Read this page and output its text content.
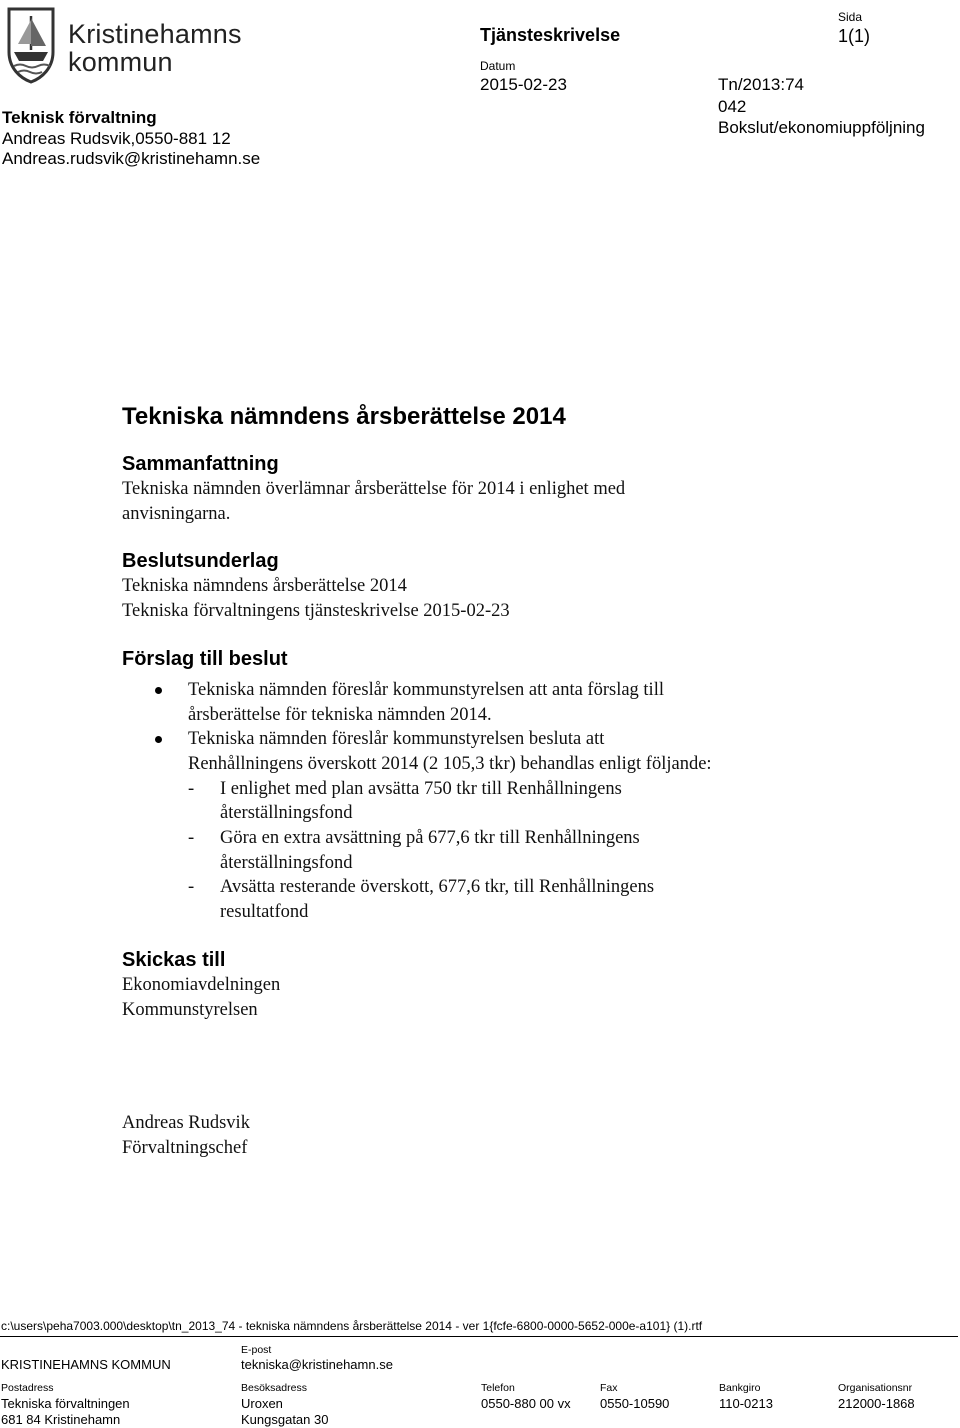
Kristinehamns
kommun
Teknisk förvaltning
Andreas Rudsvik,0550-881 12
Andreas.rudsvik@kristinehamn.se
Tjänsteskrivelse
Datum
2015-02-23	Tn/2013:74
042
Bokslut/ekonomiuppföljning
Sida
1(1)
Tekniska nämndens årsberättelse 2014
Sammanfattning
Tekniska nämnden överlämnar årsberättelse för 2014 i enlighet med
anvisningarna.
Beslutsunderlag
Tekniska nämndens årsberättelse 2014
Tekniska förvaltningens tjänsteskrivelse 2015-02-23
Förslag till beslut
Tekniska nämnden föreslår kommunstyrelsen att anta förslag till
årsberättelse för tekniska nämnden 2014.
Tekniska nämnden föreslår kommunstyrelsen besluta att
Renhållningens överskott 2014 (2 105,3 tkr) behandlas enligt följande:
- I enlighet med plan avsätta 750 tkr till Renhållningens
återställningsfond
- Göra en extra avsättning på 677,6 tkr till Renhållningens
återställningsfond
- Avsätta resterande överskott, 677,6 tkr, till Renhållningens
resultatfond
Skickas till
Ekonomiavdelningen
Kommunstyrelsen
Andreas Rudsvik
Förvaltningschef
c:\users\peha7003.000\desktop\tn_2013_74 - tekniska nämndens årsberättelse 2014 - ver 1{fcfe-6800-0000-5652-000e-a101} (1).rtf
KRISTINEHAMNS KOMMUN
E-post
tekniska@kristinehamn.se
Postadress
Tekniska förvaltningen
681 84 Kristinehamn
Besöksadress
Uroxen
Kungsgatan 30
Telefon
0550-880 00 vx
Fax
0550-10590
Bankgiro
110-0213
Organisationsnr
212000-1868
